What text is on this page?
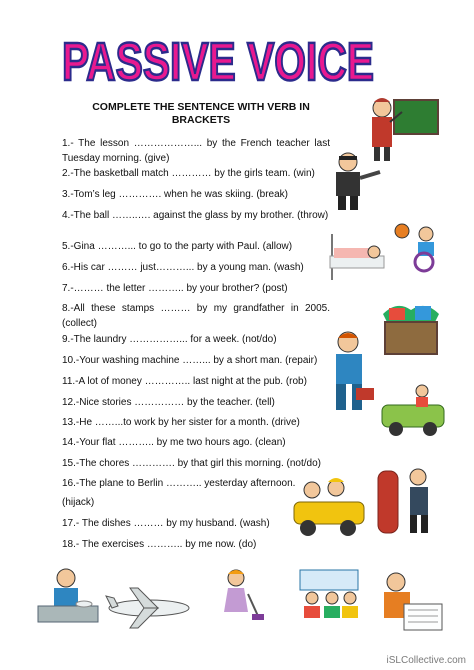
PASSIVE VOICE
COMPLETE THE SENTENCE WITH VERB IN BRACKETS
1.- The lesson ………………... by the French teacher last Tuesday morning. (give)
2.-The basketball match ………… by the girls team. (win)
3.-Tom’s leg …………. when he was skiing. (break)
4.-The ball ……..…. against the glass by my brother. (throw)
5.-Gina ………... to go to the party with Paul. (allow)
6.-His car ……… just………... by a young man. (wash)
7.-……… the letter ……….. by your brother? (post)
8.-All these stamps ……… by my grandfather in 2005. (collect)
9.-The laundry ……………... for a week. (not/do)
10.-Your washing machine ……... by a short man. (repair)
11.-A lot of money ………….. last night at the pub. (rob)
12.-Nice stories …………… by the teacher. (tell)
13.-He ……...to work by her sister for a month. (drive)
14.-Your flat ……….. by me two hours ago. (clean)
15.-The chores …………. by that girl this morning. (not/do)
16.-The plane to Berlin ……….. yesterday afternoon.
(hijack)
17.- The dishes ……… by my husband. (wash)
18.- The exercises ……….. by me now. (do)
iSLCollective.com
